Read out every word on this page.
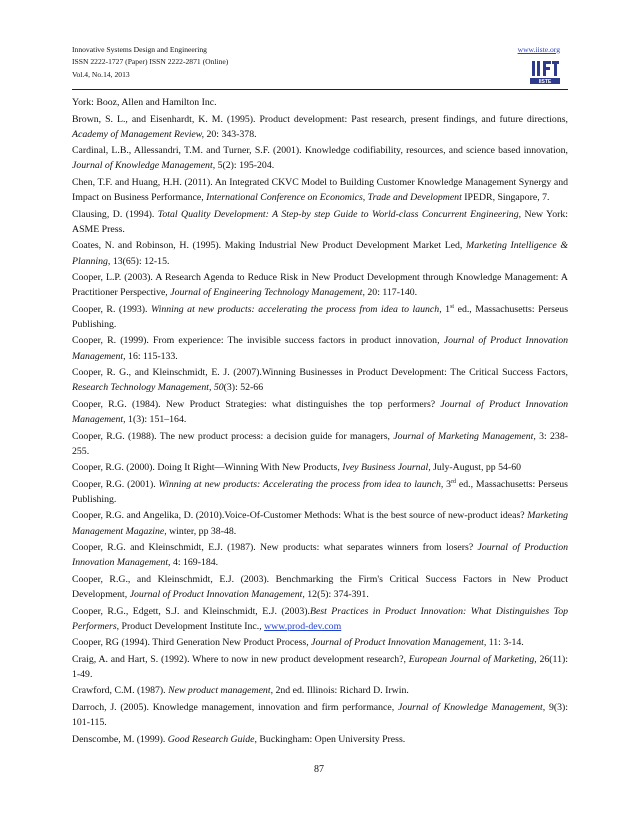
Innovative Systems Design and Engineering
ISSN 2222-1727 (Paper) ISSN 2222-2871 (Online)
Vol.4, No.14, 2013
www.iiste.org
IISTE
York: Booz, Allen and Hamilton Inc.
Brown, S. L., and Eisenhardt, K. M. (1995). Product development: Past research, present findings, and future directions, Academy of Management Review, 20: 343-378.
Cardinal, L.B., Allessandri, T.M. and Turner, S.F. (2001). Knowledge codifiability, resources, and science based innovation, Journal of Knowledge Management, 5(2): 195-204.
Chen, T.F. and Huang, H.H. (2011). An Integrated CKVC Model to Building Customer Knowledge Management Synergy and Impact on Business Performance, International Conference on Economics, Trade and Development IPEDR, Singapore, 7.
Clausing, D. (1994). Total Quality Development: A Step-by step Guide to World-class Concurrent Engineering, New York: ASME Press.
Coates, N. and Robinson, H. (1995). Making Industrial New Product Development Market Led, Marketing Intelligence & Planning, 13(65): 12-15.
Cooper, L.P. (2003). A Research Agenda to Reduce Risk in New Product Development through Knowledge Management: A Practitioner Perspective, Journal of Engineering Technology Management, 20: 117-140.
Cooper, R. (1993). Winning at new products: accelerating the process from idea to launch, 1st ed., Massachusetts: Perseus Publishing.
Cooper, R. (1999). From experience: The invisible success factors in product innovation, Journal of Product Innovation Management, 16: 115-133.
Cooper, R. G., and Kleinschmidt, E. J. (2007).Winning Businesses in Product Development: The Critical Success Factors, Research Technology Management, 50(3): 52-66
Cooper, R.G. (1984). New Product Strategies: what distinguishes the top performers? Journal of Product Innovation Management, 1(3): 151–164.
Cooper, R.G. (1988). The new product process: a decision guide for managers, Journal of Marketing Management, 3: 238-255.
Cooper, R.G. (2000). Doing It Right—Winning With New Products, Ivey Business Journal, July-August, pp 54-60
Cooper, R.G. (2001). Winning at new products: Accelerating the process from idea to launch, 3rd ed., Massachusetts: Perseus Publishing.
Cooper, R.G. and Angelika, D. (2010).Voice-Of-Customer Methods: What is the best source of new-product ideas? Marketing Management Magazine, winter, pp 38-48.
Cooper, R.G. and Kleinschmidt, E.J. (1987). New products: what separates winners from losers? Journal of Production Innovation Management, 4: 169-184.
Cooper, R.G., and Kleinschmidt, E.J. (2003). Benchmarking the Firm's Critical Success Factors in New Product Development, Journal of Product Innovation Management, 12(5): 374-391.
Cooper, R.G., Edgett, S.J. and Kleinschmidt, E.J. (2003).Best Practices in Product Innovation: What Distinguishes Top Performers, Product Development Institute Inc., www.prod-dev.com
Cooper, RG (1994). Third Generation New Product Process, Journal of Product Innovation Management, 11: 3-14.
Craig, A. and Hart, S. (1992). Where to now in new product development research?, European Journal of Marketing, 26(11): 1-49.
Crawford, C.M. (1987). New product management, 2nd ed. Illinois: Richard D. Irwin.
Darroch, J. (2005). Knowledge management, innovation and firm performance, Journal of Knowledge Management, 9(3): 101-115.
Denscombe, M. (1999). Good Research Guide, Buckingham: Open University Press.
87
